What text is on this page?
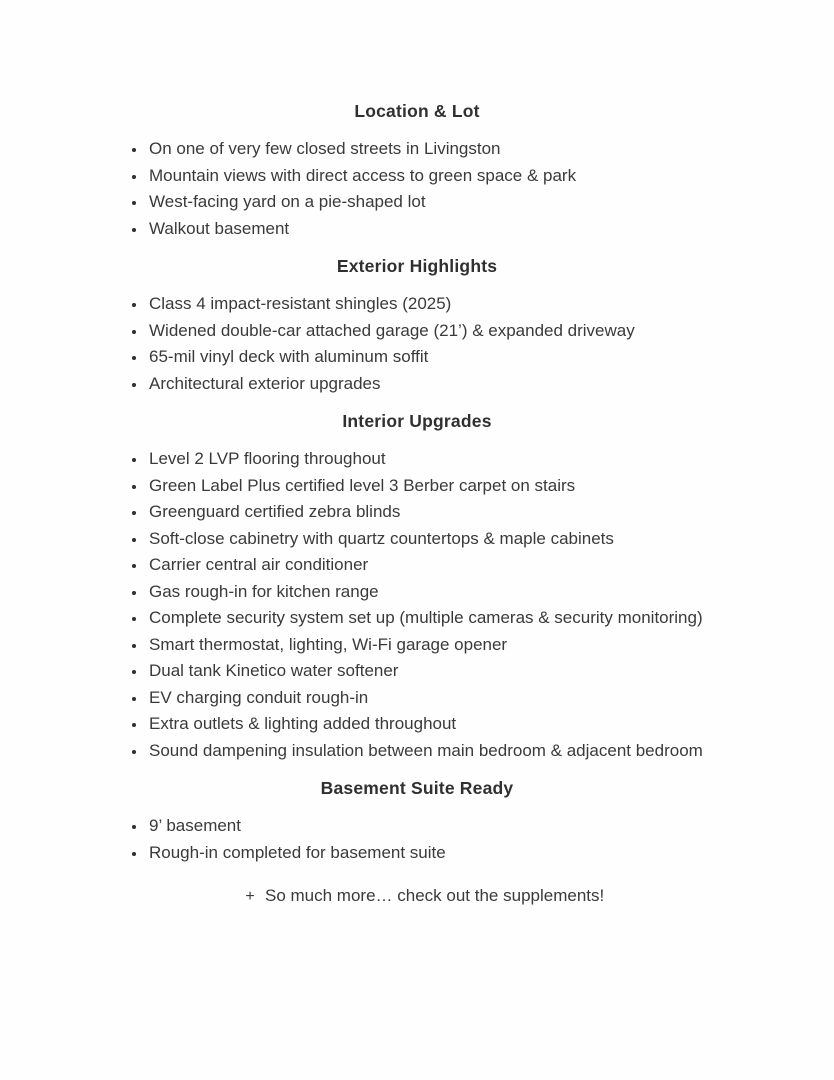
Location & Lot
• On one of very few closed streets in Livingston
• Mountain views with direct access to green space & park
• West-facing yard on a pie-shaped lot
• Walkout basement
Exterior Highlights
• Class 4 impact-resistant shingles (2025)
• Widened double-car attached garage (21’) & expanded driveway
• 65-mil vinyl deck with aluminum soffit
• Architectural exterior upgrades
Interior Upgrades
• Level 2 LVP flooring throughout
• Green Label Plus certified level 3 Berber carpet on stairs
• Greenguard certified zebra blinds
• Soft-close cabinetry with quartz countertops & maple cabinets
• Carrier central air conditioner
• Gas rough-in for kitchen range
• Complete security system set up (multiple cameras & security monitoring)
• Smart thermostat, lighting, Wi-Fi garage opener
• Dual tank Kinetico water softener
• EV charging conduit rough-in
• Extra outlets & lighting added throughout
• Sound dampening insulation between main bedroom & adjacent bedroom
Basement Suite Ready
• 9’ basement
• Rough-in completed for basement suite
+ So much more… check out the supplements!
